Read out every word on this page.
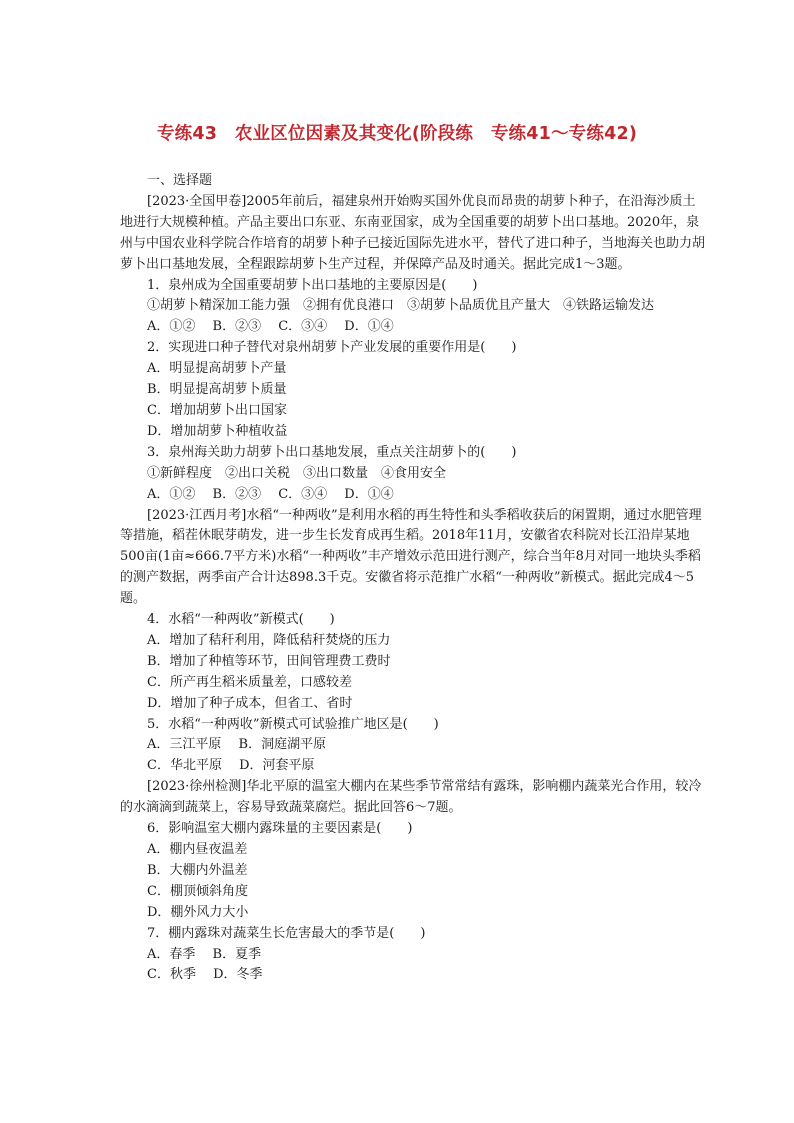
专练43　农业区位因素及其变化(阶段练　专练41～专练42)

一、选择题

[2023·全国甲卷]2005年前后，福建泉州开始购买国外优良而昂贵的胡萝卜种子，在沿海沙质土地进行大规模种植。产品主要出口东亚、东南亚国家，成为全国重要的胡萝卜出口基地。2020年，泉州与中国农业科学院合作培育的胡萝卜种子已接近国际先进水平，替代了进口种子，当地海关也助力胡萝卜出口基地发展，全程跟踪胡萝卜生产过程，并保障产品及时通关。据此完成1～3题。

1．泉州成为全国重要胡萝卜出口基地的主要原因是(　　)

①胡萝卜精深加工能力强　②拥有优良港口　③胡萝卜品质优且产量大　④铁路运输发达

A．①②　 B．②③　 C．③④　 D．①④

2．实现进口种子替代对泉州胡萝卜产业发展的重要作用是(　　)

A．明显提高胡萝卜产量

B．明显提高胡萝卜质量

C．增加胡萝卜出口国家

D．增加胡萝卜种植收益

3．泉州海关助力胡萝卜出口基地发展，重点关注胡萝卜的(　　)

①新鲜程度　②出口关税　③出口数量　④食用安全

A．①②　 B．②③　 C．③④　 D．①④

[2023·江西月考]水稻“一种两收”是利用水稻的再生特性和头季稻收获后的闲置期，通过水肥管理等措施，稻茬休眠芽萌发，进一步生长发育成再生稻。2018年11月，安徽省农科院对长江沿岸某地500亩(1亩≈666.7平方米)水稻“一种两收”丰产增效示范田进行测产，综合当年8月对同一地块头季稻的测产数据，两季亩产合计达898.3千克。安徽省将示范推广水稻“一种两收”新模式。据此完成4～5题。

4．水稻“一种两收”新模式(　　)

A．增加了秸秆利用，降低秸秆焚烧的压力

B．增加了种植等环节，田间管理费工费时

C．所产再生稻米质量差，口感较差

D．增加了种子成本，但省工、省时

5．水稻“一种两收”新模式可试验推广地区是(　　)

A．三江平原　 B．洞庭湖平原

C．华北平原　 D．河套平原

[2023·徐州检测]华北平原的温室大棚内在某些季节常常结有露珠，影响棚内蔬菜光合作用，较冷的水滴滴到蔬菜上，容易导致蔬菜腐烂。据此回答6～7题。

6．影响温室大棚内露珠量的主要因素是(　　)

A．棚内昼夜温差

B．大棚内外温差

C．棚顶倾斜角度

D．棚外风力大小

7．棚内露珠对蔬菜生长危害最大的季节是(　　)

A．春季　 B．夏季

C．秋季　 D．冬季
